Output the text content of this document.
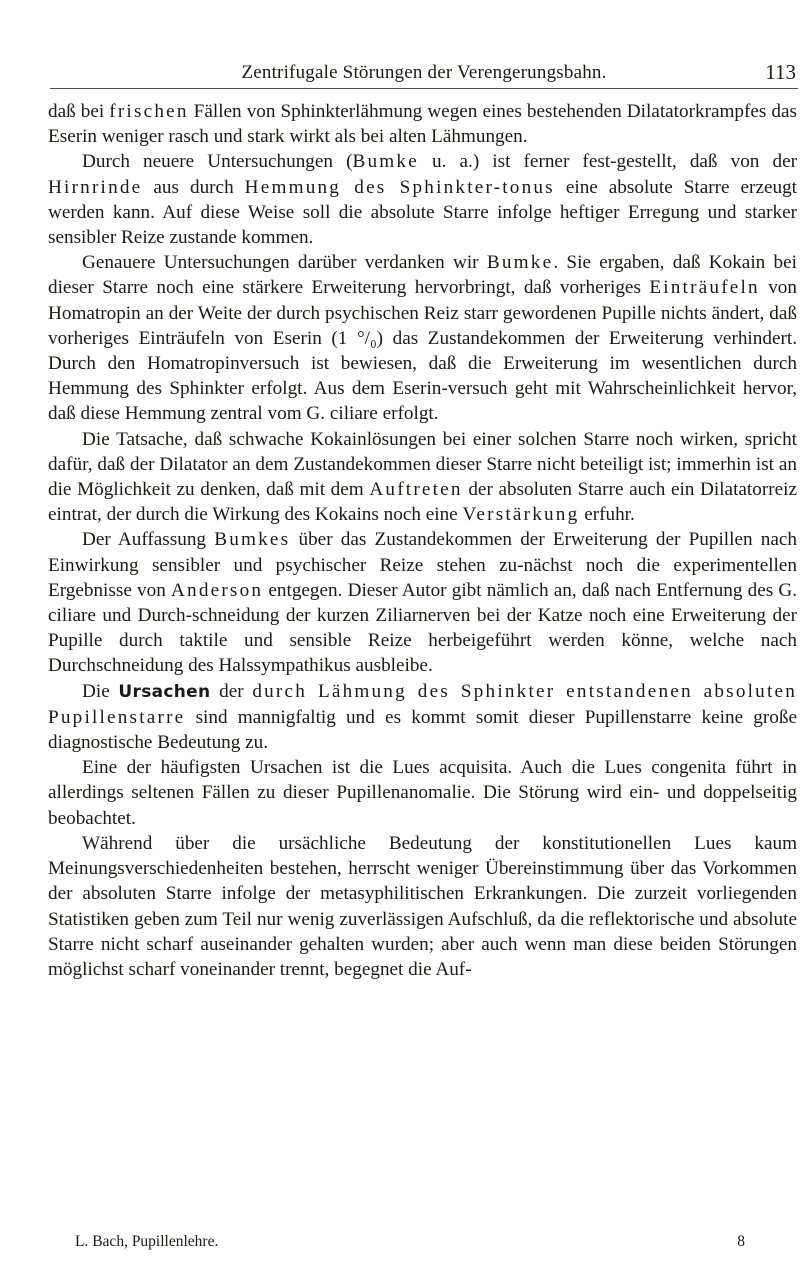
Zentrifugale Störungen der Verengerungsbahn.	113

daß bei frischen Fällen von Sphinkterlähmung wegen eines bestehenden Dilatatorkrampfes das Eserin weniger rasch und stark wirkt als bei alten Lähmungen.

Durch neuere Untersuchungen (Bumke u. a.) ist ferner fest-gestellt, daß von der Hirnrinde aus durch Hemmung des Sphinkter-tonus eine absolute Starre erzeugt werden kann. Auf diese Weise soll die absolute Starre infolge heftiger Erregung und starker sensibler Reize zustande kommen.

Genauere Untersuchungen darüber verdanken wir Bumke. Sie ergaben, daß Kokain bei dieser Starre noch eine stärkere Erweiterung hervorbringt, daß vorheriges Einträufeln von Homatropin an der Weite der durch psychischen Reiz starr gewordenen Pupille nichts ändert, daß vorheriges Einträufeln von Eserin (1 °/₀) das Zustandekommen der Erweiterung verhindert. Durch den Homatropinversuch ist bewiesen, daß die Erweiterung im wesentlichen durch Hemmung des Sphinkter erfolgt. Aus dem Eserin-versuch geht mit Wahrscheinlichkeit hervor, daß diese Hemmung zentral vom G. ciliare erfolgt.

Die Tatsache, daß schwache Kokainlösungen bei einer solchen Starre noch wirken, spricht dafür, daß der Dilatator an dem Zustandekommen dieser Starre nicht beteiligt ist; immerhin ist an die Möglichkeit zu denken, daß mit dem Auftreten der absoluten Starre auch ein Dilatatorreiz eintrat, der durch die Wirkung des Kokains noch eine Verstärkung erfuhr.

Der Auffassung Bumkes über das Zustandekommen der Erweiterung der Pupillen nach Einwirkung sensibler und psychischer Reize stehen zu-nächst noch die experimentellen Ergebnisse von Anderson entgegen. Dieser Autor gibt nämlich an, daß nach Entfernung des G. ciliare und Durch-schneidung der kurzen Ziliarnerven bei der Katze noch eine Erweiterung der Pupille durch taktile und sensible Reize herbeigeführt werden könne, welche nach Durchschneidung des Halssympathikus ausbleibe.

Die Ursachen der durch Lähmung des Sphinkter entstandenen absoluten Pupillenstarre sind mannigfaltig und es kommt somit dieser Pupillenstarre keine große diagnostische Bedeutung zu.

Eine der häufigsten Ursachen ist die Lues acquisita. Auch die Lues congenita führt in allerdings seltenen Fällen zu dieser Pupillenanomalie. Die Störung wird ein- und doppelseitig beobachtet.

Während über die ursächliche Bedeutung der konstitutionellen Lues kaum Meinungsverschiedenheiten bestehen, herrscht weniger Übereinstimmung über das Vorkommen der absoluten Starre infolge der metasyphilitischen Erkrankungen. Die zurzeit vorliegenden Statistiken geben zum Teil nur wenig zuverlässigen Aufschluß, da die reflektorische und absolute Starre nicht scharf auseinander gehalten wurden; aber auch wenn man diese beiden Störungen möglichst scharf voneinander trennt, begegnet die Auf-

L. Bach, Pupillenlehre.	8
